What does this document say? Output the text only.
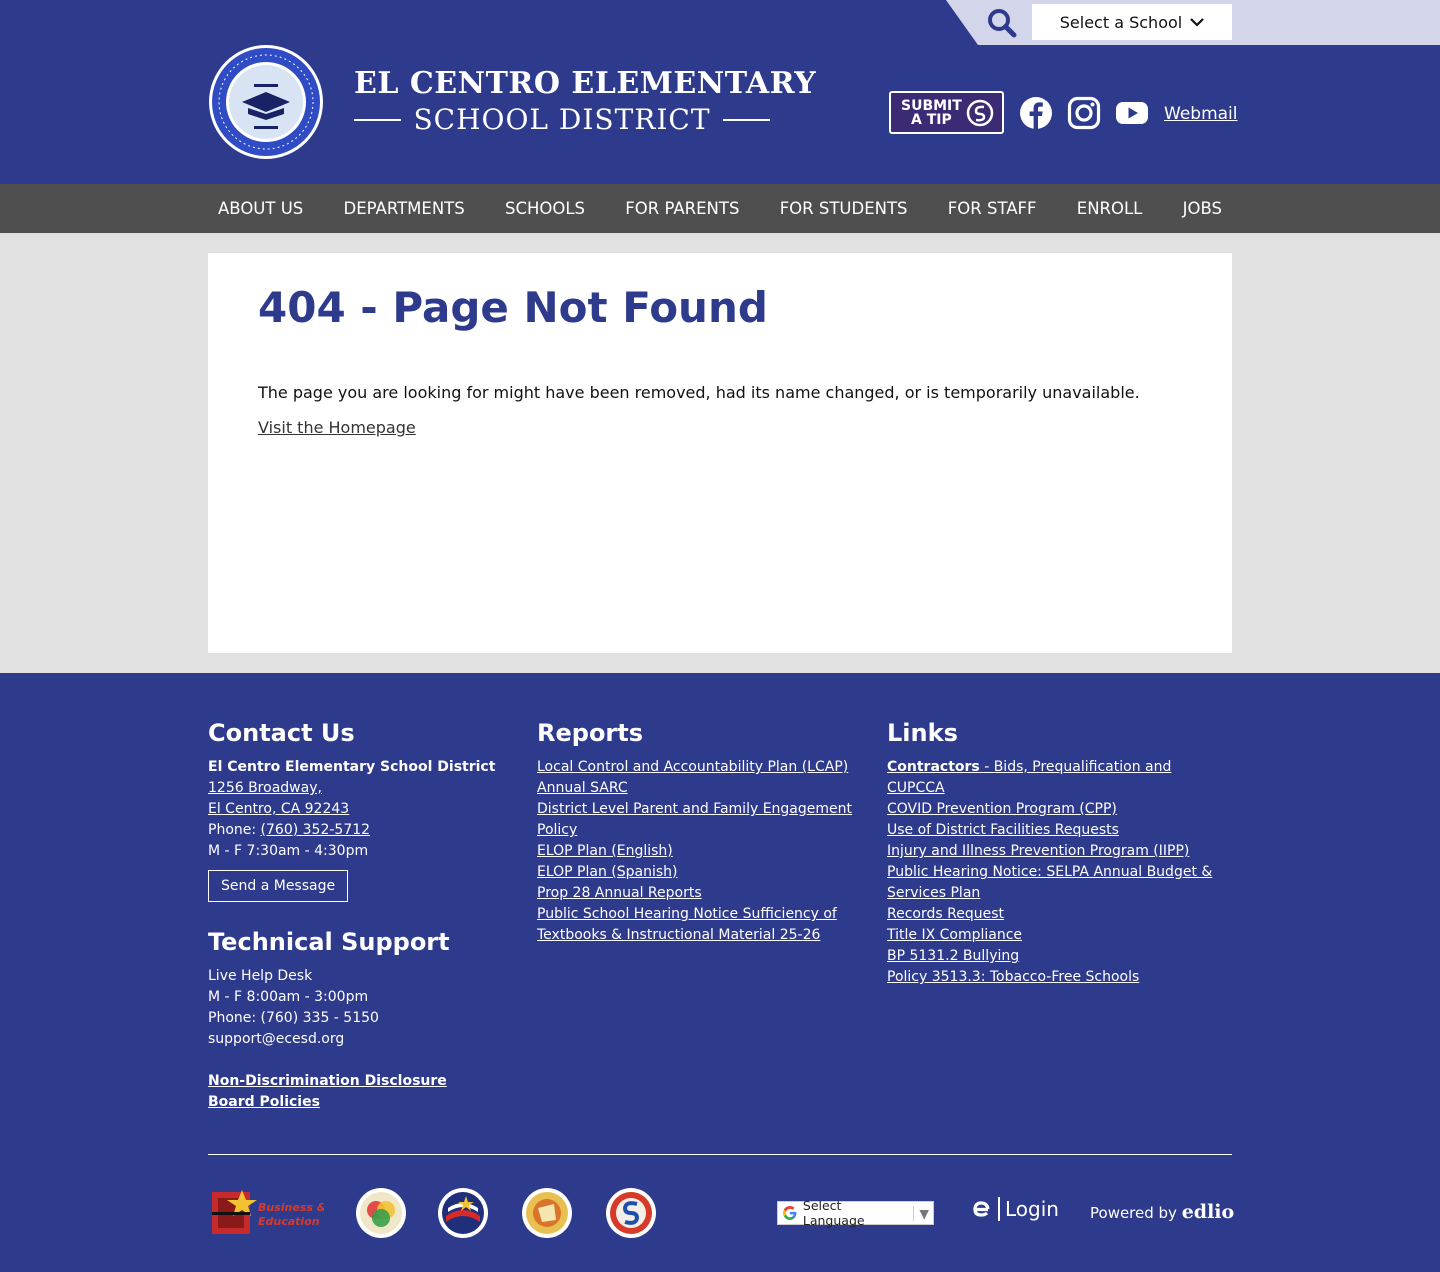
Select a School
EL CENTRO ELEMENTARY
SCHOOL DISTRICT	SUBMIT
A TIP	Webmail
ABOUT US	DEPARTMENTS	SCHOOLS	FOR PARENTS	FOR STUDENTS	FOR STAFF	ENROLL	JOBS
404 - Page Not Found

The page you are looking for might have been removed, had its name changed, or is temporarily unavailable.

Visit the Homepage
Contact Us
El Centro Elementary School District
1256 Broadway,
El Centro, CA 92243
Phone: (760) 352-5712
M - F 7:30am - 4:30pm
Send a Message
Technical Support
Live Help Desk
M - F 8:00am - 3:00pm
Phone: (760) 335 - 5150
support@ecesd.org
Non-Discrimination Disclosure
Board Policies
Reports
Local Control and Accountability Plan (LCAP)
Annual SARC
District Level Parent and Family Engagement
Policy
ELOP Plan (English)
ELOP Plan (Spanish)
Prop 28 Annual Reports
Public School Hearing Notice Sufficiency of
Textbooks & Instructional Material 25-26
Links
Contractors - Bids, Prequalification and
CUPCCA
COVID Prevention Program (CPP)
Use of District Facilities Requests
Injury and Illness Prevention Program (IIPP)
Public Hearing Notice: SELPA Annual Budget &
Services Plan
Records Request
Title IX Compliance
BP 5131.2 Bullying
Policy 3513.3: Tobacco-Free Schools
Business &
Education
Select Language	▼	Login Powered by edlio
